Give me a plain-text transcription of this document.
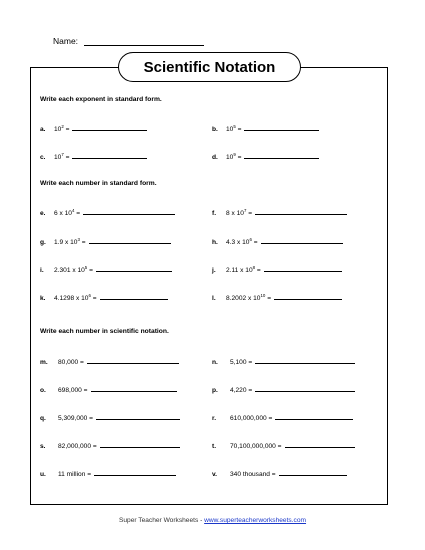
Name:
Scientific Notation
Write each exponent in standard form.
a.	$10^2$ =	b.	$10^5$ =
c.	$10^7$ =	d.	$10^9$ =
Write each number in standard form.
e.	6 x $10^4$ =	f.	8 x $10^7$ =
g.	1.9 x $10^3$ =	h.	4.3 x $10^6$ =
i.	2.301 x $10^5$ =	j.	2.11 x $10^8$ =
k.	4.1298 x $10^6$ =	l.	8.2002 x $10^{10}$ =
Write each number in scientific notation.
m.	80,000 =	n.	5,100 =
o.	698,000 =	p.	4,220 =
q.	5,309,000 =	r.	610,000,000 =
s.	82,000,000 =	t.	70,100,000,000 =
u.	11 million =	v.	340 thousand =
Super Teacher Worksheets - www.superteacherworksheets.com
